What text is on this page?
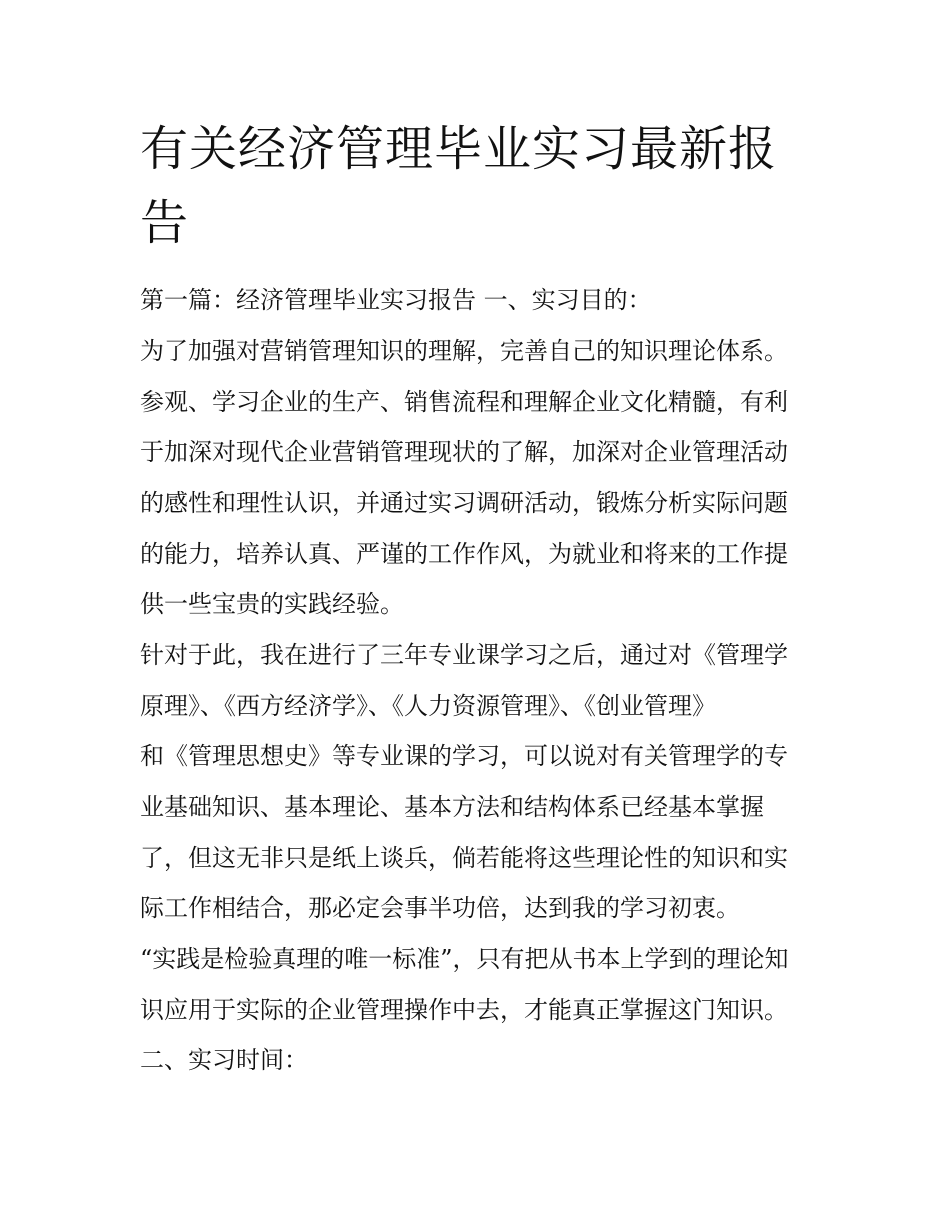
有关经济管理毕业实习最新报告

第一篇：经济管理毕业实习报告 一、实习目的：

为了加强对营销管理知识的理解，完善自己的知识理论体系。

参观、学习企业的生产、销售流程和理解企业文化精髓，有利

于加深对现代企业营销管理现状的了解，加深对企业管理活动

的感性和理性认识，并通过实习调研活动，锻炼分析实际问题

的能力，培养认真、严谨的工作作风，为就业和将来的工作提

供一些宝贵的实践经验。

针对于此，我在进行了三年专业课学习之后，通过对《管理学

原理》、《西方经济学》、《人力资源管理》、《创业管理》

和《管理思想史》等专业课的学习，可以说对有关管理学的专

业基础知识、基本理论、基本方法和结构体系已经基本掌握

了，但这无非只是纸上谈兵，倘若能将这些理论性的知识和实

际工作相结合，那必定会事半功倍，达到我的学习初衷。

“实践是检验真理的唯一标准”，只有把从书本上学到的理论知

识应用于实际的企业管理操作中去，才能真正掌握这门知识。

二、实习时间：
